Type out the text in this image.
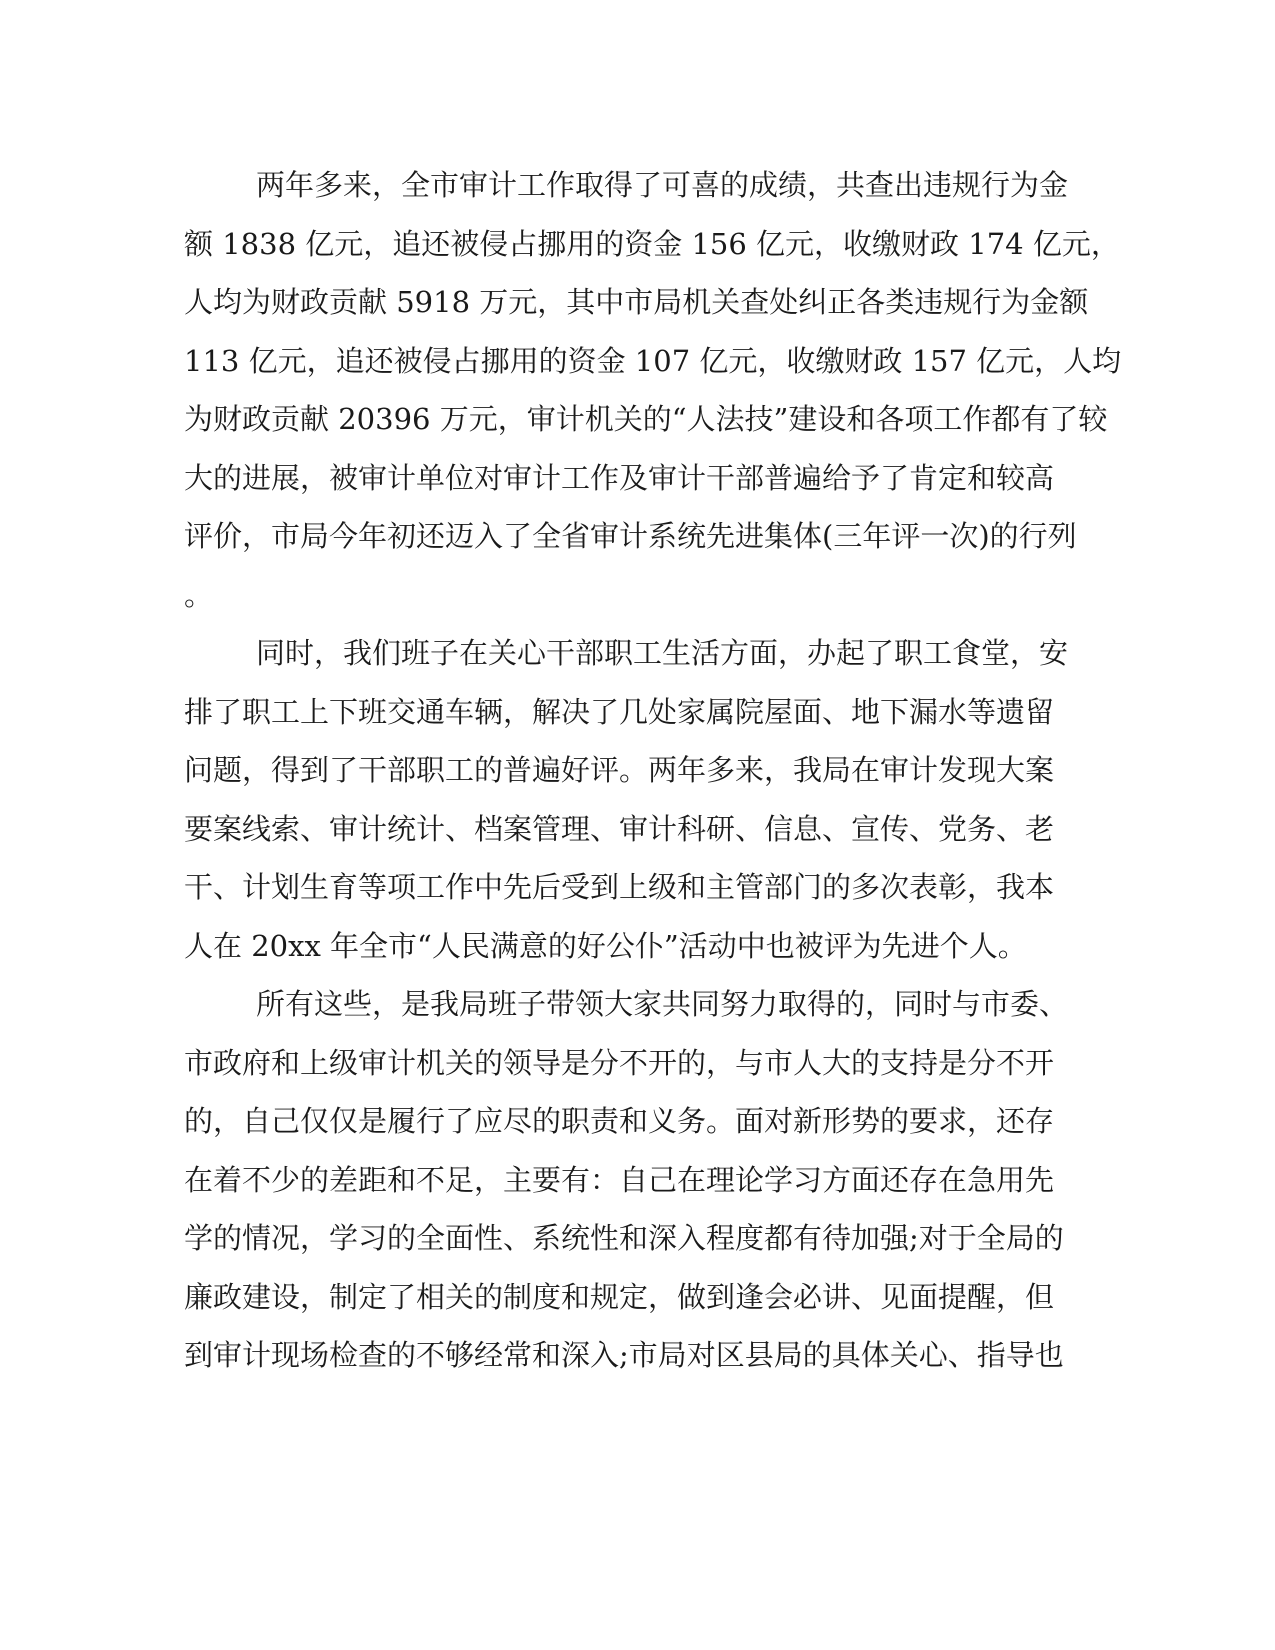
两年多来，全市审计工作取得了可喜的成绩，共查出违规行为金
额 1838 亿元，追还被侵占挪用的资金 156 亿元，收缴财政 174 亿元，
人均为财政贡献 5918 万元，其中市局机关查处纠正各类违规行为金额
113 亿元，追还被侵占挪用的资金 107 亿元，收缴财政 157 亿元，人均
为财政贡献 20396 万元，审计机关的“人法技”建设和各项工作都有了较
大的进展，被审计单位对审计工作及审计干部普遍给予了肯定和较高
评价，市局今年初还迈入了全省审计系统先进集体(三年评一次)的行列
。
同时，我们班子在关心干部职工生活方面，办起了职工食堂，安
排了职工上下班交通车辆，解决了几处家属院屋面、地下漏水等遗留
问题，得到了干部职工的普遍好评。两年多来，我局在审计发现大案
要案线索、审计统计、档案管理、审计科研、信息、宣传、党务、老
干、计划生育等项工作中先后受到上级和主管部门的多次表彰，我本
人在 20xx 年全市“人民满意的好公仆”活动中也被评为先进个人。
所有这些，是我局班子带领大家共同努力取得的，同时与市委、
市政府和上级审计机关的领导是分不开的，与市人大的支持是分不开
的，自己仅仅是履行了应尽的职责和义务。面对新形势的要求，还存
在着不少的差距和不足，主要有：自己在理论学习方面还存在急用先
学的情况，学习的全面性、系统性和深入程度都有待加强;对于全局的
廉政建设，制定了相关的制度和规定，做到逢会必讲、见面提醒，但
到审计现场检查的不够经常和深入;市局对区县局的具体关心、指导也
